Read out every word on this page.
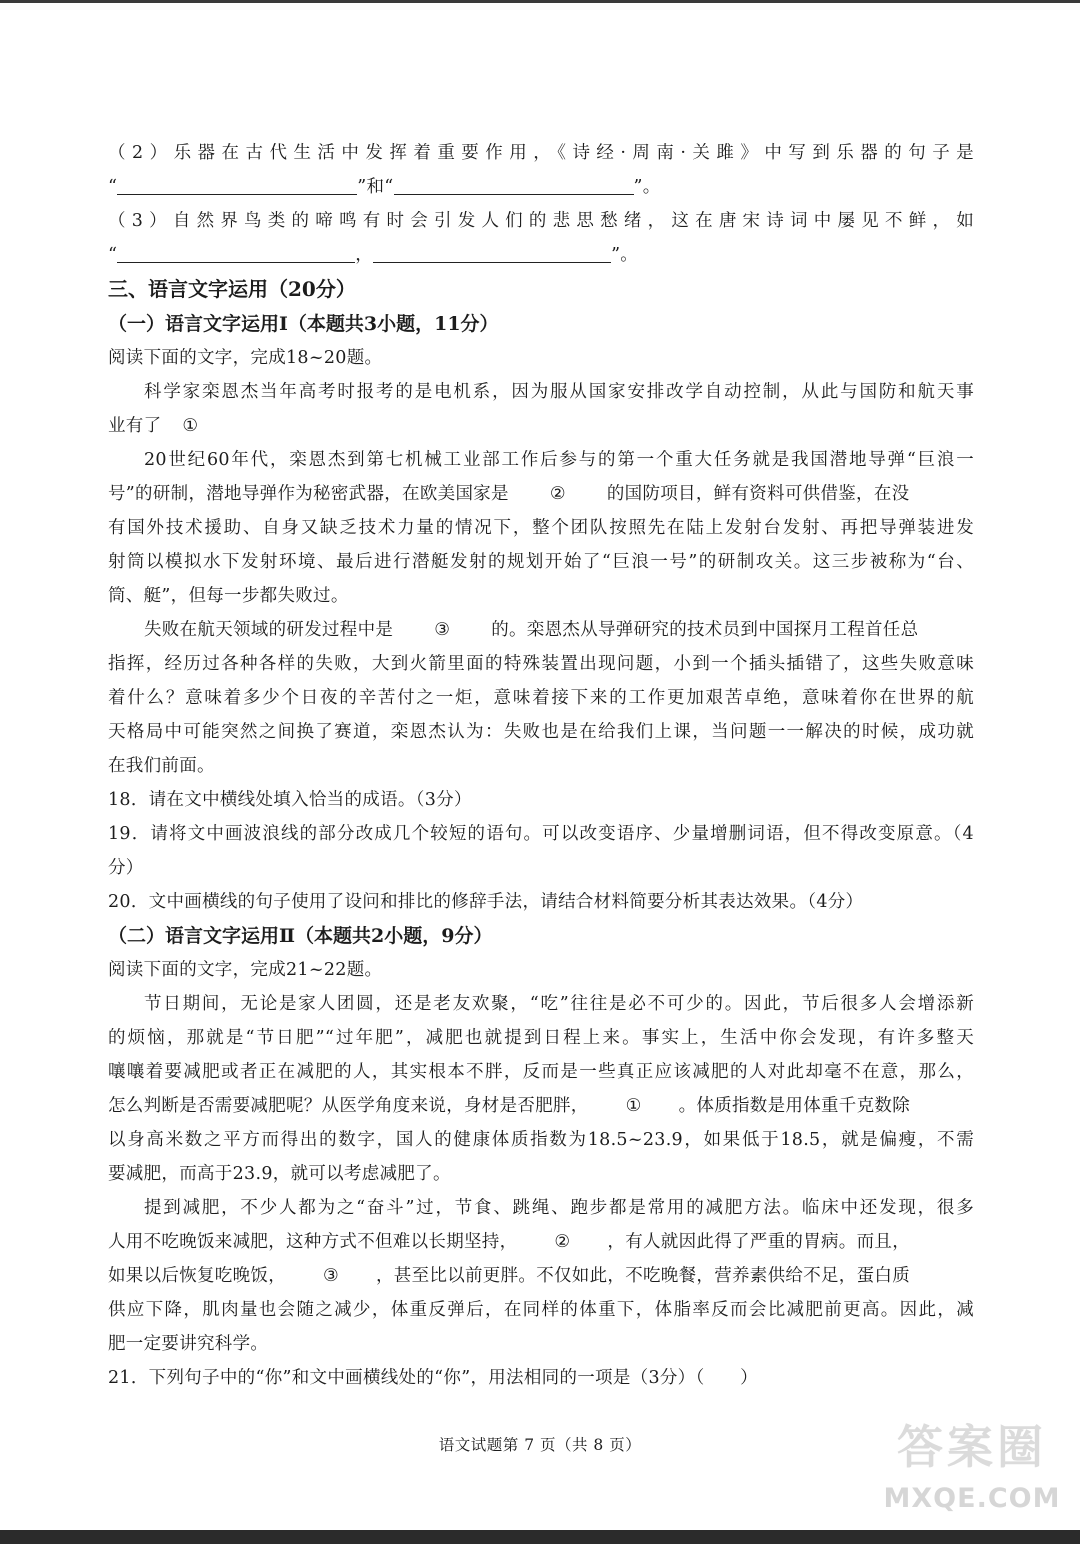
（2）乐器在古代生活中发挥着重要作用，《诗经·周南·关雎》中写到乐器的句子是
“	”和“	”。
（3）自然界鸟类的啼鸣有时会引发人们的悲思愁绪，这在唐宋诗词中屡见不鲜，如
“	，	”。
三、语言文字运用（20分）
（一）语言文字运用Ⅰ（本题共3小题，11分）
阅读下面的文字，完成18~20题。
科学家栾恩杰当年高考时报考的是电机系，因为服从国家安排改学自动控制，从此与国防和航天事
业有了 ①
20世纪60年代，栾恩杰到第七机械工业部工作后参与的第一个重大任务就是我国潜地导弹“巨浪一
号”的研制，潜地导弹作为秘密武器，在欧美国家是 ② 的国防项目，鲜有资料可供借鉴，在没
有国外技术援助、自身又缺乏技术力量的情况下，整个团队按照先在陆上发射台发射、再把导弹装进发
射筒以模拟水下发射环境、最后进行潜艇发射的规划开始了“巨浪一号”的研制攻关。这三步被称为“台、
筒、艇”，但每一步都失败过。
失败在航天领域的研发过程中是 ③ 的。栾恩杰从导弹研究的技术员到中国探月工程首任总
指挥，经历过各种各样的失败，大到火箭里面的特殊装置出现问题，小到一个插头插错了，这些失败意味
着什么？意味着多少个日夜的辛苦付之一炬，意味着接下来的工作更加艰苦卓绝，意味着你在世界的航
天格局中可能突然之间换了赛道，栾恩杰认为：失败也是在给我们上课，当问题一一解决的时候，成功就
在我们前面。
18．请在文中横线处填入恰当的成语。（3分）
19．请将文中画波浪线的部分改成几个较短的语句。可以改变语序、少量增删词语，但不得改变原意。（4
分）
20．文中画横线的句子使用了设问和排比的修辞手法，请结合材料简要分析其表达效果。（4分）
（二）语言文字运用Ⅱ（本题共2小题，9分）
阅读下面的文字，完成21~22题。
节日期间，无论是家人团圆，还是老友欢聚，“吃”往往是必不可少的。因此，节后很多人会增添新
的烦恼，那就是“节日肥”“过年肥”，减肥也就提到日程上来。事实上，生活中你会发现，有许多整天
嚷嚷着要减肥或者正在减肥的人，其实根本不胖，反而是一些真正应该减肥的人对此却毫不在意，那么，
怎么判断是否需要减肥呢？从医学角度来说，身材是否肥胖， ① 。体质指数是用体重千克数除
以身高米数之平方而得出的数字，国人的健康体质指数为18.5~23.9，如果低于18.5，就是偏瘦，不需
要减肥，而高于23.9，就可以考虑减肥了。
提到减肥，不少人都为之“奋斗”过，节食、跳绳、跑步都是常用的减肥方法。临床中还发现，很多
人用不吃晚饭来减肥，这种方式不但难以长期坚持， ② ，有人就因此得了严重的胃病。而且，
如果以后恢复吃晚饭， ③ ，甚至比以前更胖。不仅如此，不吃晚餐，营养素供给不足，蛋白质
供应下降，肌肉量也会随之减少，体重反弹后，在同样的体重下，体脂率反而会比减肥前更高。因此，减
肥一定要讲究科学。
21．下列句子中的“你”和文中画横线处的“你”，用法相同的一项是（3分）（　　）
语文试题第 7 页（共 8 页）	答案圈
MXQE.COM
